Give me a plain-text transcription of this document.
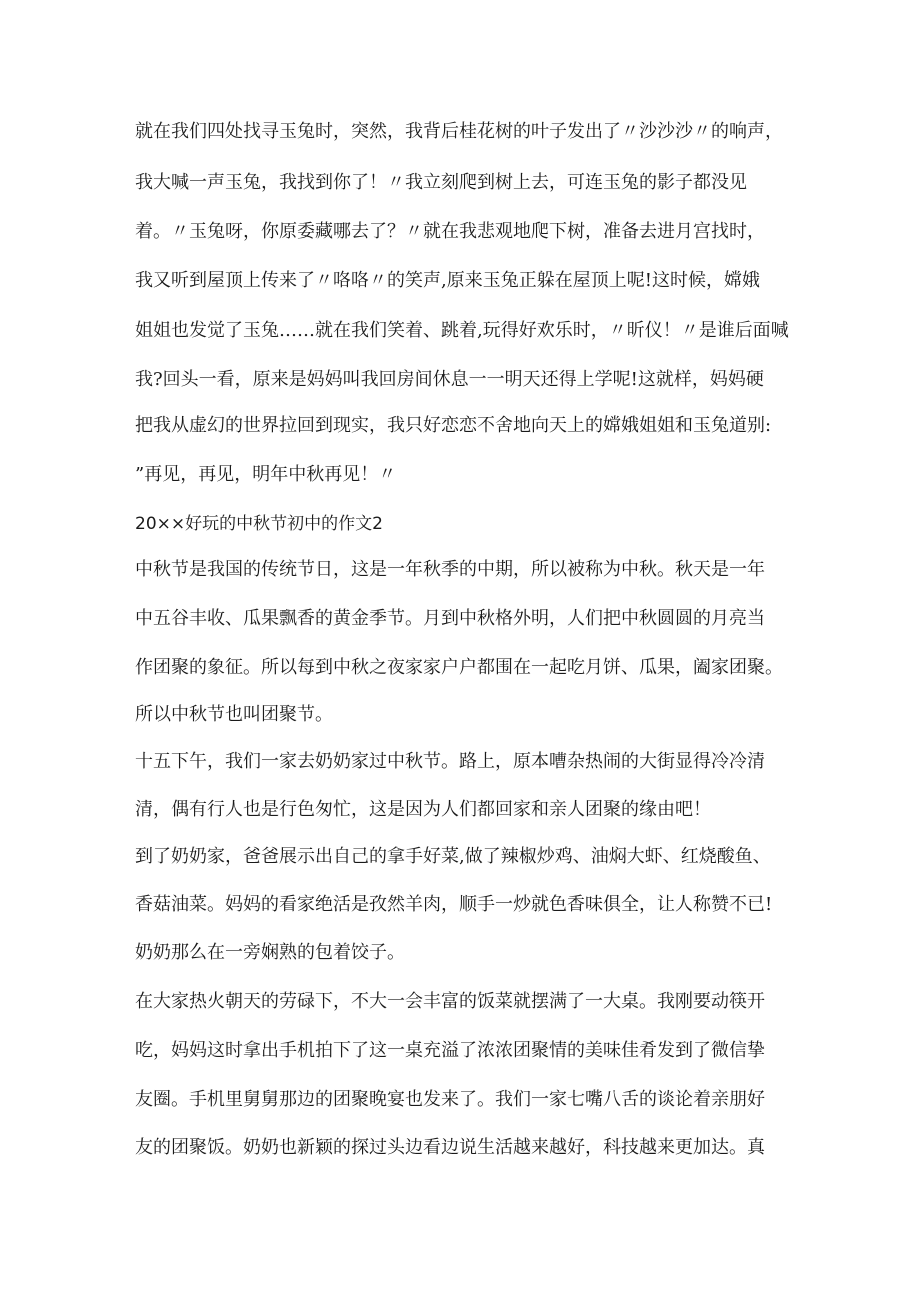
就在我们四处找寻玉兔时，突然，我背后桂花树的叶子发出了〃沙沙沙〃的响声，

我大喊一声玉兔，我找到你了！〃我立刻爬到树上去，可连玉兔的影子都没见

着。〃玉兔呀，你原委藏哪去了？〃就在我悲观地爬下树，准备去进月宫找时，

我又听到屋顶上传来了〃咯咯〃的笑声,原来玉兔正躲在屋顶上呢!这时候，嫦娥

姐姐也发觉了玉兔……就在我们笑着、跳着,玩得好欢乐时，〃昕仪！〃是谁后面喊

我?回头一看，原来是妈妈叫我回房间休息一一明天还得上学呢!这就样，妈妈硬

把我从虚幻的世界拉回到现实，我只好恋恋不舍地向天上的嫦娥姐姐和玉兔道别:

”再见，再见，明年中秋再见！〃

20××好玩的中秋节初中的作文2

中秋节是我国的传统节日，这是一年秋季的中期，所以被称为中秋。秋天是一年

中五谷丰收、瓜果飘香的黄金季节。月到中秋格外明，人们把中秋圆圆的月亮当

作团聚的象征。所以每到中秋之夜家家户户都围在一起吃月饼、瓜果，阖家团聚。

所以中秋节也叫团聚节。

十五下午，我们一家去奶奶家过中秋节。路上，原本嘈杂热闹的大街显得冷冷清

清，偶有行人也是行色匆忙，这是因为人们都回家和亲人团聚的缘由吧！

到了奶奶家，爸爸展示出自己的拿手好菜,做了辣椒炒鸡、油焖大虾、红烧酸鱼、

香菇油菜。妈妈的看家绝活是孜然羊肉，顺手一炒就色香味俱全，让人称赞不已!

奶奶那么在一旁娴熟的包着饺子。

在大家热火朝天的劳碌下，不大一会丰富的饭菜就摆满了一大桌。我刚要动筷开

吃，妈妈这时拿出手机拍下了这一桌充溢了浓浓团聚情的美味佳肴发到了微信挚

友圈。手机里舅舅那边的团聚晚宴也发来了。我们一家七嘴八舌的谈论着亲朋好

友的团聚饭。奶奶也新颖的探过头边看边说生活越来越好，科技越来更加达。真
